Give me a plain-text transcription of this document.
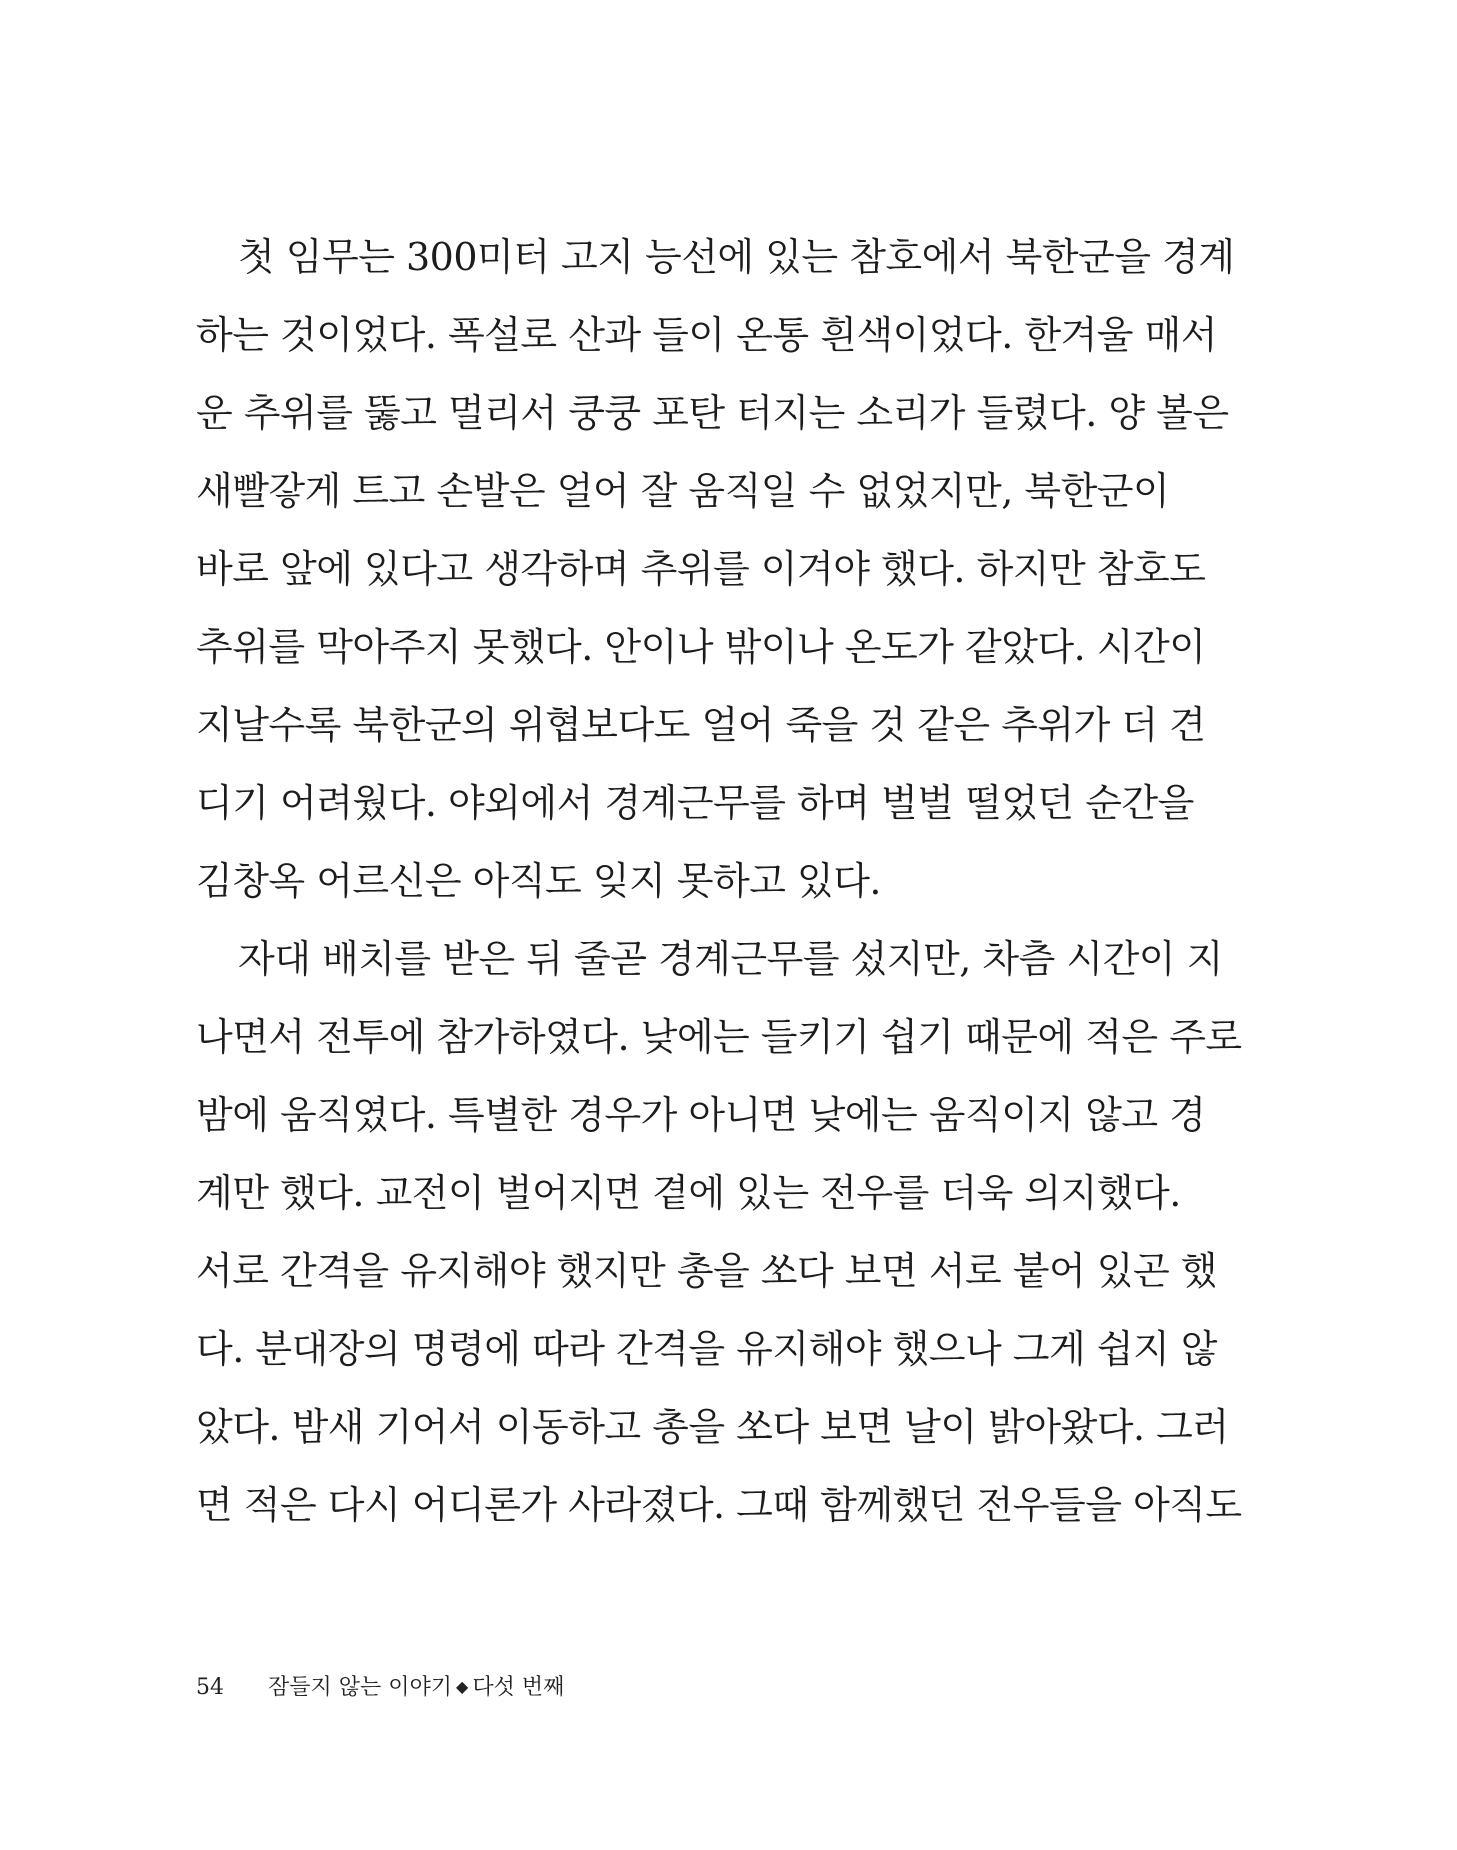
첫 임무는 300미터 고지 능선에 있는 참호에서 북한군을 경계
하는 것이었다. 폭설로 산과 들이 온통 흰색이었다. 한겨울 매서
운 추위를 뚫고 멀리서 쿵쿵 포탄 터지는 소리가 들렸다. 양 볼은
새빨갛게 트고 손발은 얼어 잘 움직일 수 없었지만, 북한군이
바로 앞에 있다고 생각하며 추위를 이겨야 했다. 하지만 참호도
추위를 막아주지 못했다. 안이나 밖이나 온도가 같았다. 시간이
지날수록 북한군의 위협보다도 얼어 죽을 것 같은 추위가 더 견
디기 어려웠다. 야외에서 경계근무를 하며 벌벌 떨었던 순간을
김창옥 어르신은 아직도 잊지 못하고 있다.
자대 배치를 받은 뒤 줄곧 경계근무를 섰지만, 차츰 시간이 지
나면서 전투에 참가하였다. 낮에는 들키기 쉽기 때문에 적은 주로
밤에 움직였다. 특별한 경우가 아니면 낮에는 움직이지 않고 경
계만 했다. 교전이 벌어지면 곁에 있는 전우를 더욱 의지했다.
서로 간격을 유지해야 했지만 총을 쏘다 보면 서로 붙어 있곤 했
다. 분대장의 명령에 따라 간격을 유지해야 했으나 그게 쉽지 않
았다. 밤새 기어서 이동하고 총을 쏘다 보면 날이 밝아왔다. 그러
면 적은 다시 어디론가 사라졌다. 그때 함께했던 전우들을 아직도
54 잠들지 않는 이야기 ◆ 다섯 번째
